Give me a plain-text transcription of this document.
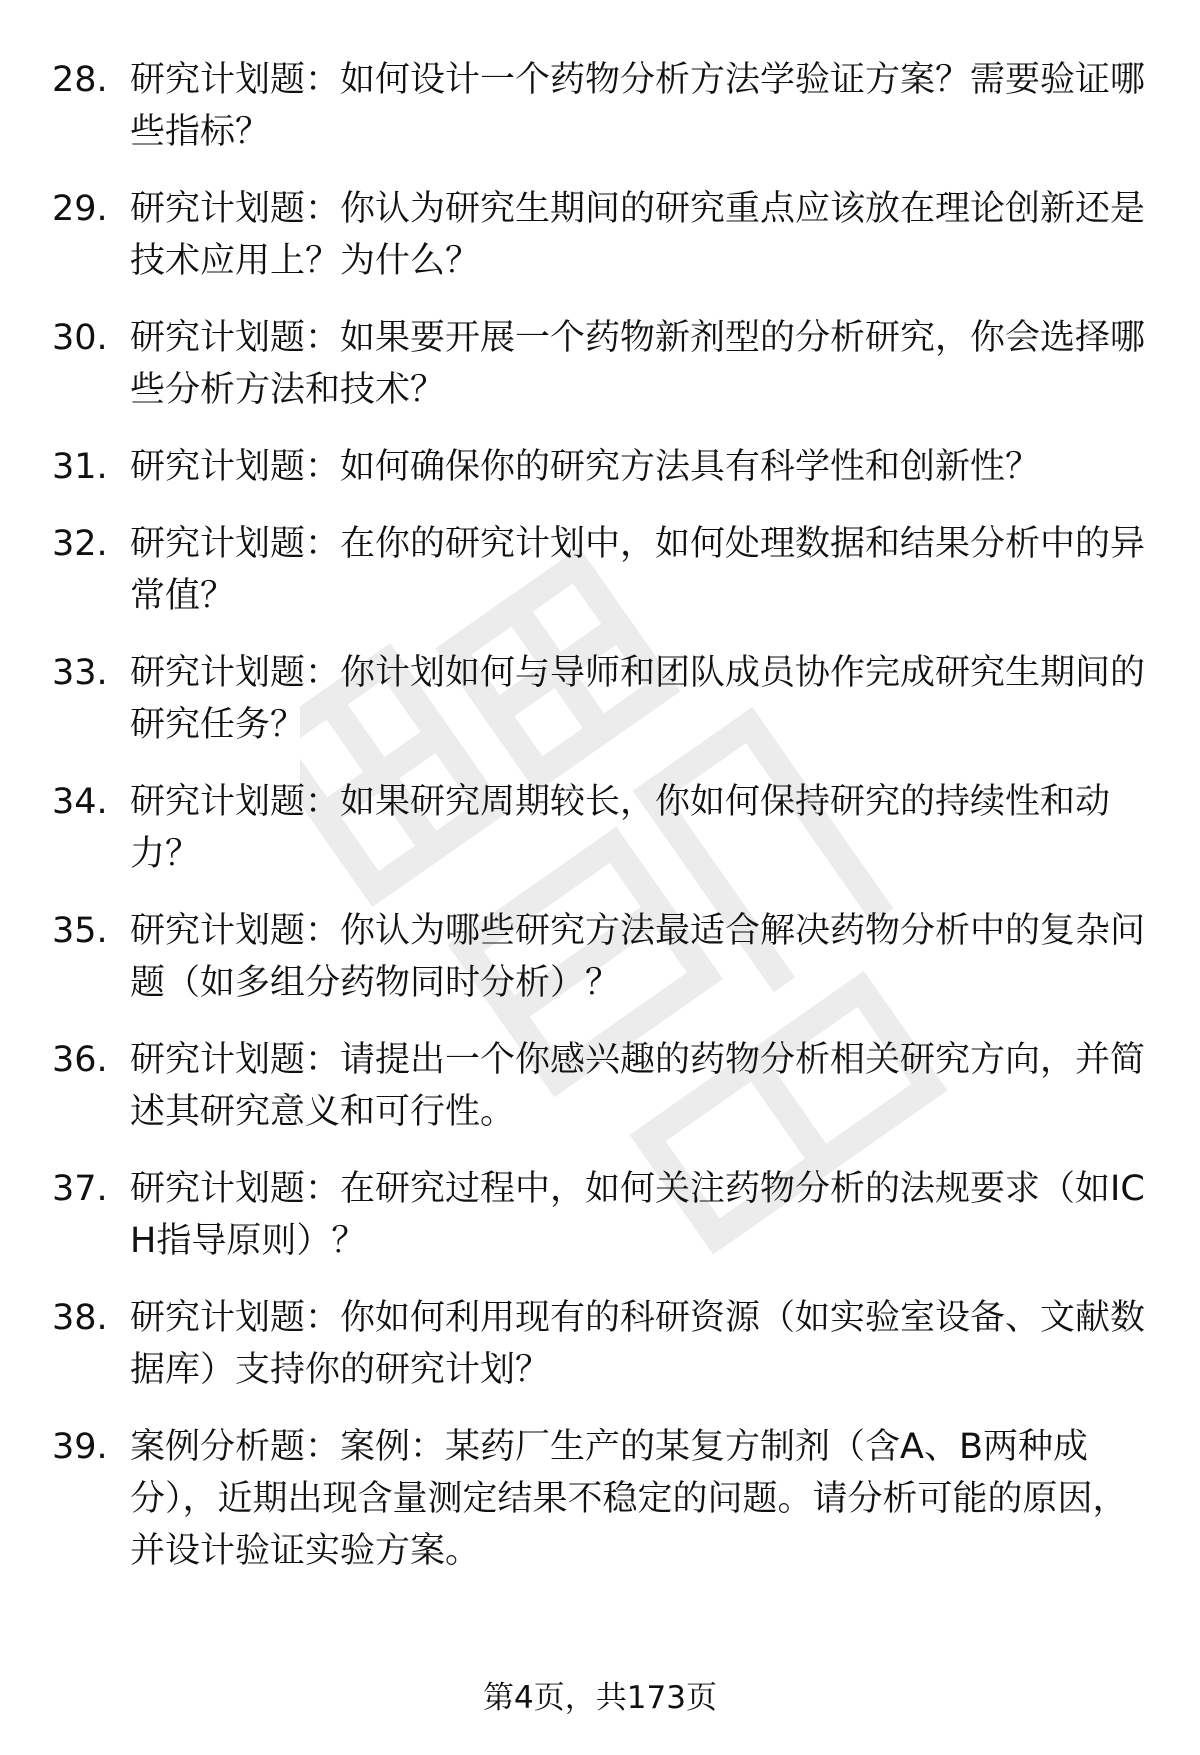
28. 研究计划题：如何设计一个药物分析方法学验证方案？需要验证哪些指标？
29. 研究计划题：你认为研究生期间的研究重点应该放在理论创新还是技术应用上？为什么？
30. 研究计划题：如果要开展一个药物新剂型的分析研究，你会选择哪些分析方法和技术？
31. 研究计划题：如何确保你的研究方法具有科学性和创新性？
32. 研究计划题：在你的研究计划中，如何处理数据和结果分析中的异常值？
33. 研究计划题：你计划如何与导师和团队成员协作完成研究生期间的研究任务？
34. 研究计划题：如果研究周期较长，你如何保持研究的持续性和动力？
35. 研究计划题：你认为哪些研究方法最适合解决药物分析中的复杂问题（如多组分药物同时分析）？
36. 研究计划题：请提出一个你感兴趣的药物分析相关研究方向，并简述其研究意义和可行性。
37. 研究计划题：在研究过程中，如何关注药物分析的法规要求（如ICH指导原则）？
38. 研究计划题：你如何利用现有的科研资源（如实验室设备、文献数据库）支持你的研究计划？
39. 案例分析题：案例：某药厂生产的某复方制剂（含A、B两种成分），近期出现含量测定结果不稳定的问题。请分析可能的原因，并设计验证实验方案。
第4页，共173页
